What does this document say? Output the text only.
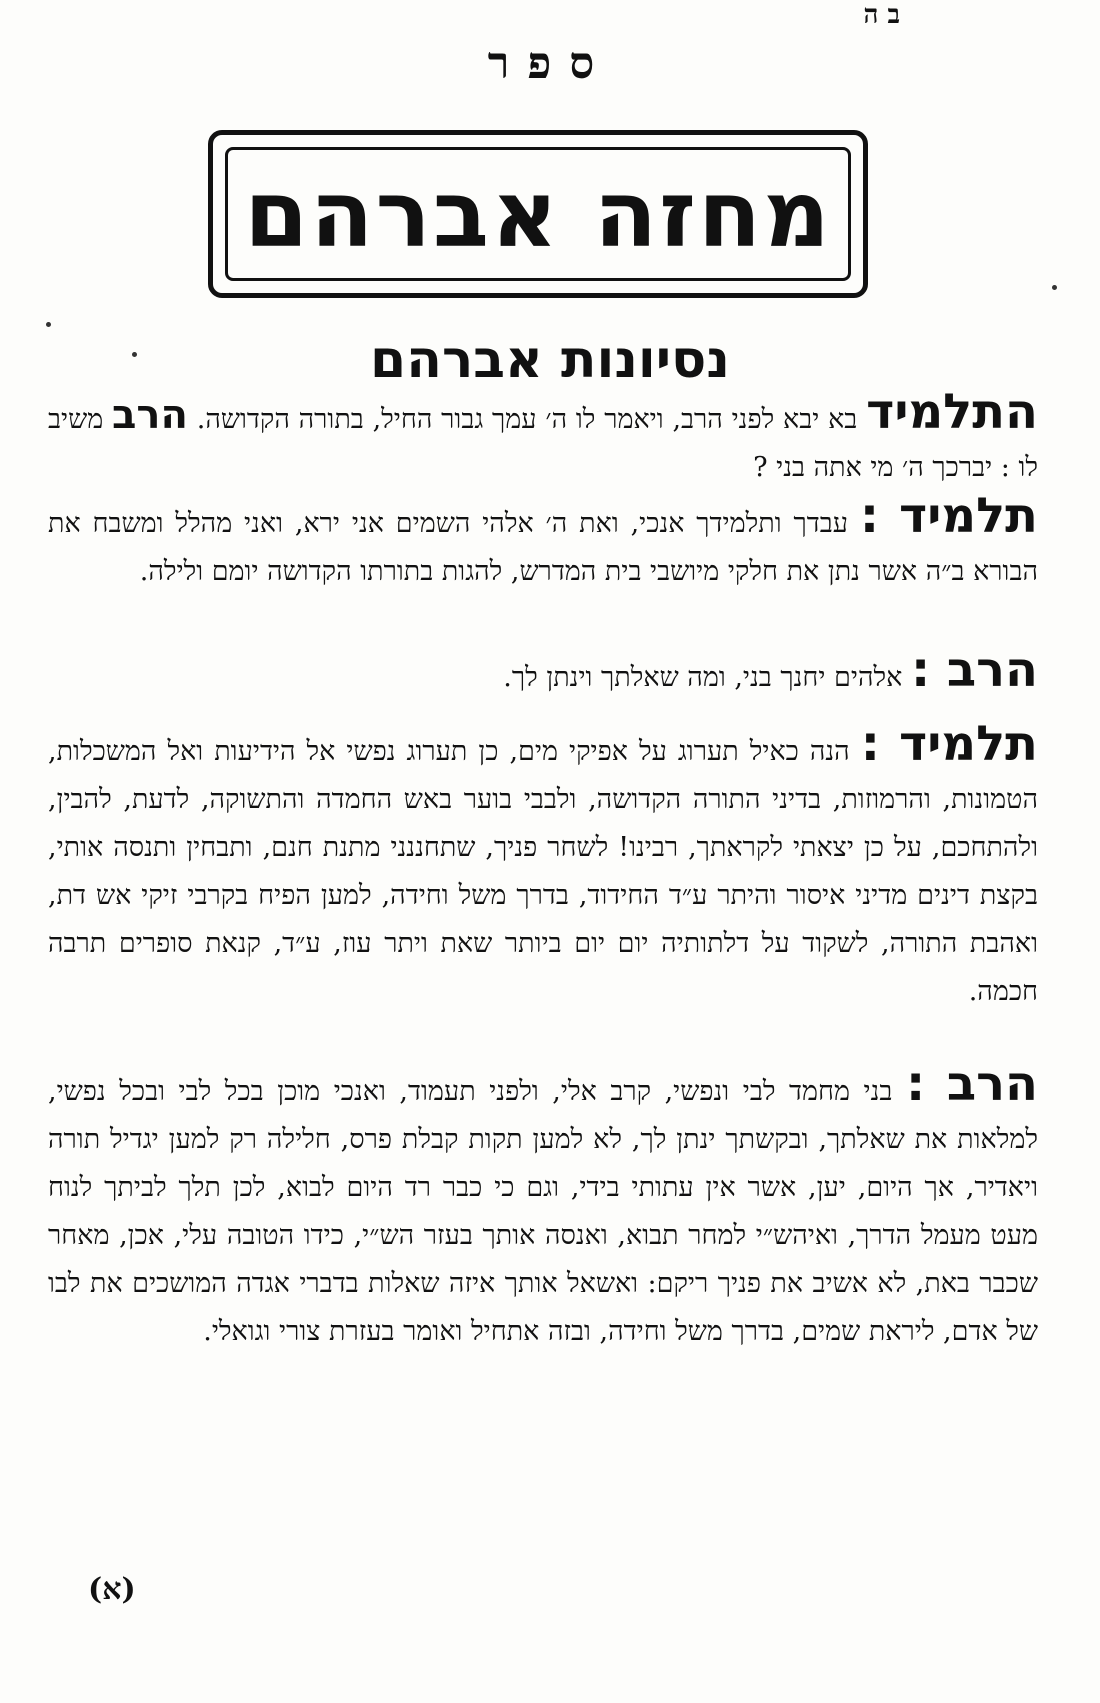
ב ה
ספר
מחזה אברהם
נסיונות אברהם
התלמיד בא יבא לפני הרב, ויאמר לו ה׳ עמך גבור החיל, בתורה הקדושה. הרב משיב לו : יברכך ה׳ מי אתה בני ?
תלמיד : עבדך ותלמידך אנכי, ואת ה׳ אלהי השמים אני ירא, ואני מהלל ומשבח את הבורא ב״ה אשר נתן את חלקי מיושבי בית המדרש, להגות בתורתו הקדושה יומם ולילה.
הרב : אלהים יחנך בני, ומה שאלתך וינתן לך.
תלמיד : הנה כאיל תערוג על אפיקי מים, כן תערוג נפשי אל הידיעות ואל המשכלות, הטמונות, והרמוזות, בדיני התורה הקדושה, ולבבי בוער באש החמדה והתשוקה, לדעת, להבין, ולהתחכם, על כן יצאתי לקראתך, רבינו! לשחר פניך, שתחננני מתנת חנם, ותבחין ותנסה אותי, בקצת דינים מדיני איסור והיתר ע״ד החידוד, בדרך משל וחידה, למען הפיח בקרבי זיקי אש דת, ואהבת התורה, לשקוד על דלתותיה יום יום ביותר שאת ויתר עוז, ע״ד, קנאת סופרים תרבה חכמה.
הרב : בני מחמד לבי ונפשי, קרב אלי, ולפני תעמוד, ואנכי מוכן בכל לבי ובכל נפשי, למלאות את שאלתך, ובקשתך ינתן לך, לא למען תקות קבלת פרס, חלילה רק למען יגדיל תורה ויאדיר, אך היום, יען, אשר אין עתותי בידי, וגם כי כבר רד היום לבוא, לכן תלך לביתך לנוח מעט מעמל הדרך, ואיהש״י למחר תבוא, ואנסה אותך בעזר הש״י, כידו הטובה עלי, אכן, מאחר שכבר באת, לא אשיב את פניך ריקם: ואשאל אותך איזה שאלות בדברי אגדה המושכים את לבו של אדם, ליראת שמים, בדרך משל וחידה, ובזה אתחיל ואומר בעזרת צורי וגואלי.
(א)
